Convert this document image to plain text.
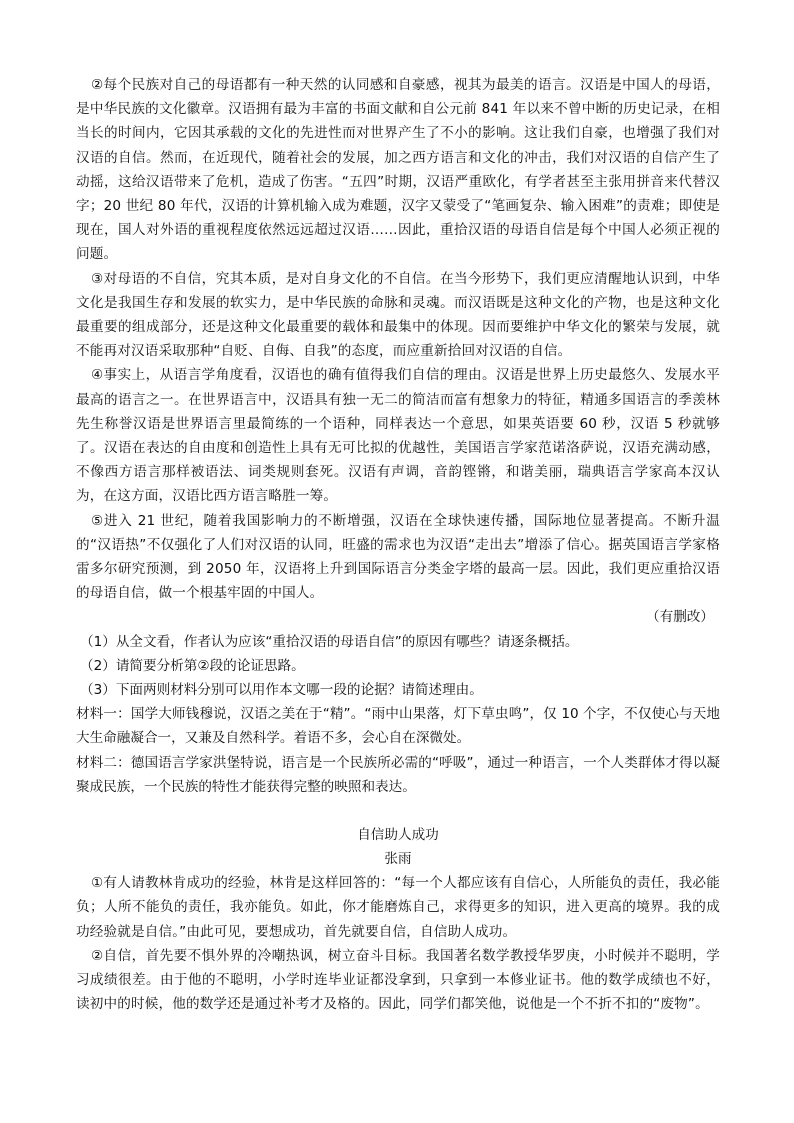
②每个民族对自己的母语都有一种天然的认同感和自豪感，视其为最美的语言。汉语是中国人的母语，是中华民族的文化徽章。汉语拥有最为丰富的书面文献和自公元前 841 年以来不曾中断的历史记录，在相当长的时间内，它因其承载的文化的先进性而对世界产生了不小的影响。这让我们自豪，也增强了我们对汉语的自信。然而，在近现代，随着社会的发展，加之西方语言和文化的冲击，我们对汉语的自信产生了动摇，这给汉语带来了危机，造成了伤害。“五四”时期，汉语严重欧化，有学者甚至主张用拼音来代替汉字；20 世纪 80 年代，汉语的计算机输入成为难题，汉字又蒙受了“笔画复杂、输入困难”的责难；即使是现在，国人对外语的重视程度依然远远超过汉语……因此，重拾汉语的母语自信是每个中国人必须正视的问题。

③对母语的不自信，究其本质，是对自身文化的不自信。在当今形势下，我们更应清醒地认识到，中华文化是我国生存和发展的软实力，是中华民族的命脉和灵魂。而汉语既是这种文化的产物，也是这种文化最重要的组成部分，还是这种文化最重要的载体和最集中的体现。因而要维护中华文化的繁荣与发展，就不能再对汉语采取那种“自贬、自侮、自我”的态度，而应重新拾回对汉语的自信。

④事实上，从语言学角度看，汉语也的确有值得我们自信的理由。汉语是世界上历史最悠久、发展水平最高的语言之一。在世界语言中，汉语具有独一无二的简洁而富有想象力的特征，精通多国语言的季羡林先生称誉汉语是世界语言里最简练的一个语种，同样表达一个意思，如果英语要 60 秒，汉语 5 秒就够了。汉语在表达的自由度和创造性上具有无可比拟的优越性，美国语言学家范诺洛萨说，汉语充满动感，不像西方语言那样被语法、词类规则套死。汉语有声调，音韵铿锵，和谐美丽，瑞典语言学家高本汉认为，在这方面，汉语比西方语言略胜一筹。

⑤进入 21 世纪，随着我国影响力的不断增强，汉语在全球快速传播，国际地位显著提高。不断升温的“汉语热”不仅强化了人们对汉语的认同，旺盛的需求也为汉语“走出去”增添了信心。据英国语言学家格雷多尔研究预测，到 2050 年，汉语将上升到国际语言分类金字塔的最高一层。因此，我们更应重拾汉语的母语自信，做一个根基牢固的中国人。

（有删改）

（1）从全文看，作者认为应该“重拾汉语的母语自信”的原因有哪些？请逐条概括。

（2）请简要分析第②段的论证思路。

（3）下面两则材料分别可以用作本文哪一段的论据？请简述理由。

材料一：国学大师钱穆说，汉语之美在于“精”。“雨中山果落，灯下草虫鸣”，仅 10 个字，不仅使心与天地大生命融凝合一，又兼及自然科学。着语不多，会心自在深微处。

材料二：德国语言学家洪堡特说，语言是一个民族所必需的“呼吸”，通过一种语言，一个人类群体才得以凝聚成民族，一个民族的特性才能获得完整的映照和表达。

自信助人成功

张雨

①有人请教林肯成功的经验，林肯是这样回答的：“每一个人都应该有自信心，人所能负的责任，我必能负；人所不能负的责任，我亦能负。如此，你才能磨炼自己，求得更多的知识，进入更高的境界。我的成功经验就是自信。”由此可见，要想成功，首先就要自信，自信助人成功。

②自信，首先要不惧外界的冷嘲热讽，树立奋斗目标。我国著名数学教授华罗庚，小时候并不聪明，学习成绩很差。由于他的不聪明，小学时连毕业证都没拿到，只拿到一本修业证书。他的数学成绩也不好，读初中的时候，他的数学还是通过补考才及格的。因此，同学们都笑他，说他是一个不折不扣的“废物”。
